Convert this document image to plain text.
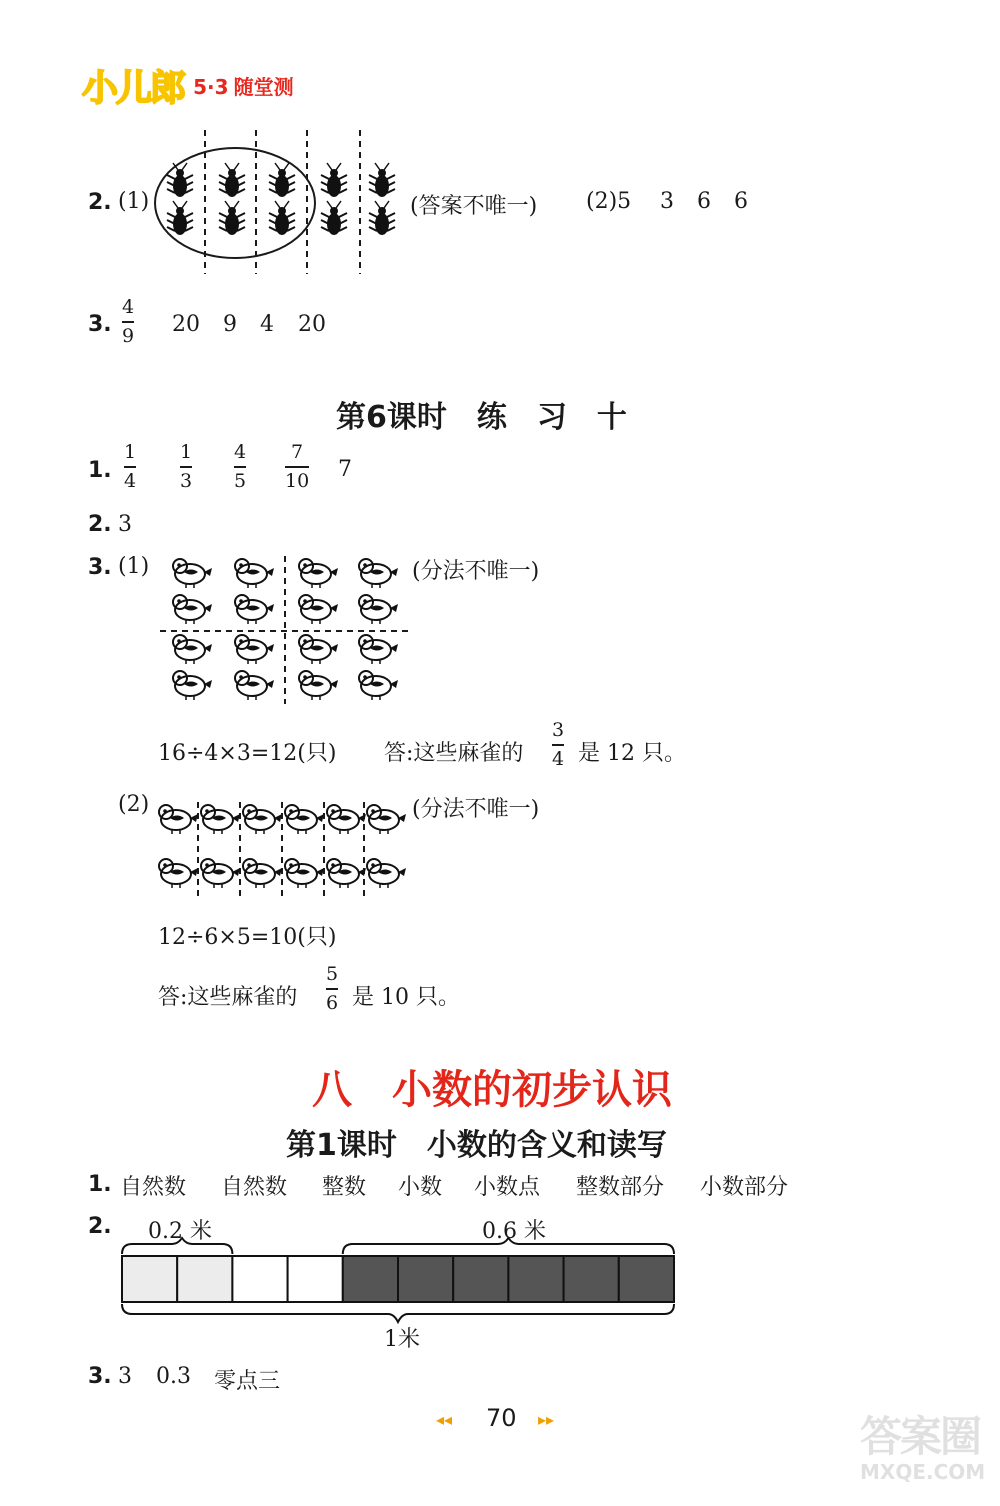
小儿郎 5·3 随堂测
2. (1)	(答案不唯一) (2)5 3 6 6
3.
4
9 20 9 4 20
第6课时　练　习　十
1.
1
4
1
3
4
5
7
10 7
2. 3
3. (1)	(分法不唯一)
16÷4×3=12(只) 答:这些麻雀的
3
4 是 12 只。
(2)	(分法不唯一)
12÷6×5=10(只)
答:这些麻雀的
5
6 是 10 只。
八　小数的初步认识
第1课时　小数的含义和读写
1. 自然数 自然数 整数 小数 小数点 整数部分 小数部分
2. 0.2 米	0.6 米
1米
3. 3 0.3 零点三
◂◂ 70 ▸▸	答案圈
MXQE.COM
